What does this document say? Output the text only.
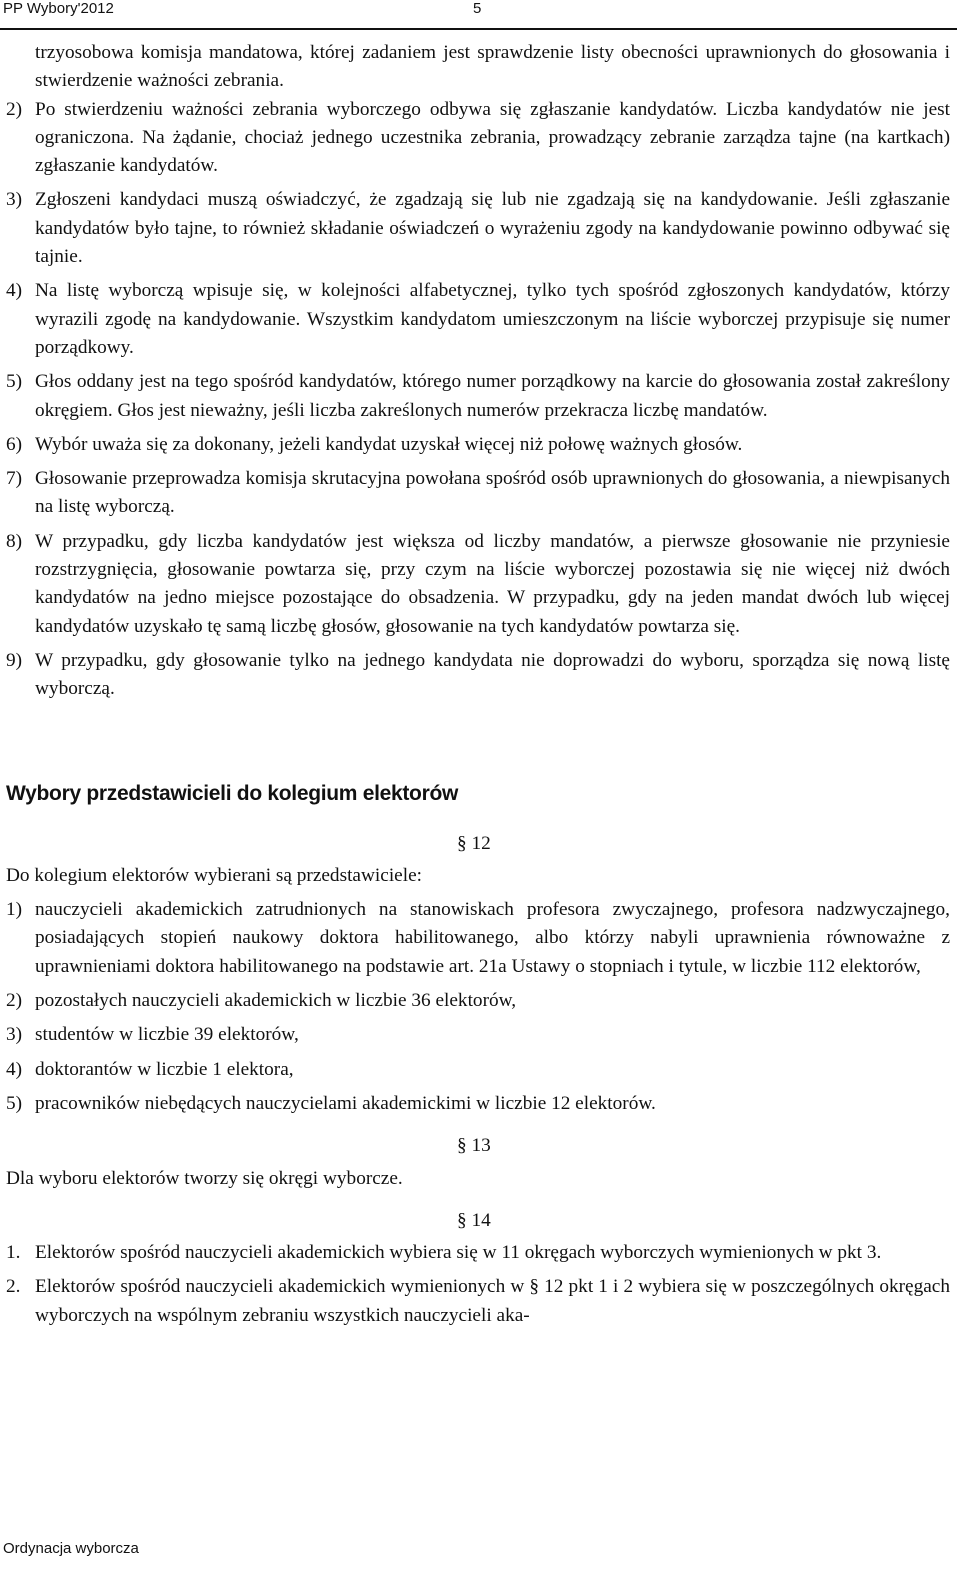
PP Wybory'2012	5

trzyosobowa komisja mandatowa, której zadaniem jest sprawdzenie listy obecności uprawnionych do głosowania i stwierdzenie ważności zebrania.

2) Po stwierdzeniu ważności zebrania wyborczego odbywa się zgłaszanie kandydatów. Liczba kandydatów nie jest ograniczona. Na żądanie, chociaż jednego uczestnika zebrania, prowadzący zebranie zarządza tajne (na kartkach) zgłaszanie kandydatów.
3) Zgłoszeni kandydaci muszą oświadczyć, że zgadzają się lub nie zgadzają się na kandydowanie. Jeśli zgłaszanie kandydatów było tajne, to również składanie oświadczeń o wyrażeniu zgody na kandydowanie powinno odbywać się tajnie.
4) Na listę wyborczą wpisuje się, w kolejności alfabetycznej, tylko tych spośród zgłoszonych kandydatów, którzy wyrazili zgodę na kandydowanie. Wszystkim kandydatom umieszczonym na liście wyborczej przypisuje się numer porządkowy.
5) Głos oddany jest na tego spośród kandydatów, którego numer porządkowy na karcie do głosowania został zakreślony okręgiem. Głos jest nieważny, jeśli liczba zakreślonych numerów przekracza liczbę mandatów.
6) Wybór uważa się za dokonany, jeżeli kandydat uzyskał więcej niż połowę ważnych głosów.
7) Głosowanie przeprowadza komisja skrutacyjna powołana spośród osób uprawnionych do głosowania, a niewpisanych na listę wyborczą.
8) W przypadku, gdy liczba kandydatów jest większa od liczby mandatów, a pierwsze głosowanie nie przyniesie rozstrzygnięcia, głosowanie powtarza się, przy czym na liście wyborczej pozostawia się nie więcej niż dwóch kandydatów na jedno miejsce pozostające do obsadzenia. W przypadku, gdy na jeden mandat dwóch lub więcej kandydatów uzyskało tę samą liczbę głosów, głosowanie na tych kandydatów powtarza się.
9) W przypadku, gdy głosowanie tylko na jednego kandydata nie doprowadzi do wyboru, sporządza się nową listę wyborczą.
Wybory przedstawicieli do kolegium elektorów
§ 12

Do kolegium elektorów wybierani są przedstawiciele:

1) nauczycieli akademickich zatrudnionych na stanowiskach profesora zwyczajnego, profesora nadzwyczajnego, posiadających stopień naukowy doktora habilitowanego, albo którzy nabyli uprawnienia równoważne z uprawnieniami doktora habilitowanego na podstawie art. 21a Ustawy o stopniach i tytule, w liczbie 112 elektorów,
2) pozostałych nauczycieli akademickich w liczbie 36 elektorów,
3) studentów w liczbie 39 elektorów,
4) doktorantów w liczbie 1 elektora,
5) pracowników niebędących nauczycielami akademickimi w liczbie 12 elektorów.
§ 13

Dla wyboru elektorów tworzy się okręgi wyborcze.

§ 14
1. Elektorów spośród nauczycieli akademickich wybiera się w 11 okręgach wyborczych wymienionych w pkt 3.
2. Elektorów spośród nauczycieli akademickich wymienionych w § 12 pkt 1 i 2 wybiera się w poszczególnych okręgach wyborczych na wspólnym zebraniu wszystkich nauczycieli aka-
Ordynacja wyborcza
